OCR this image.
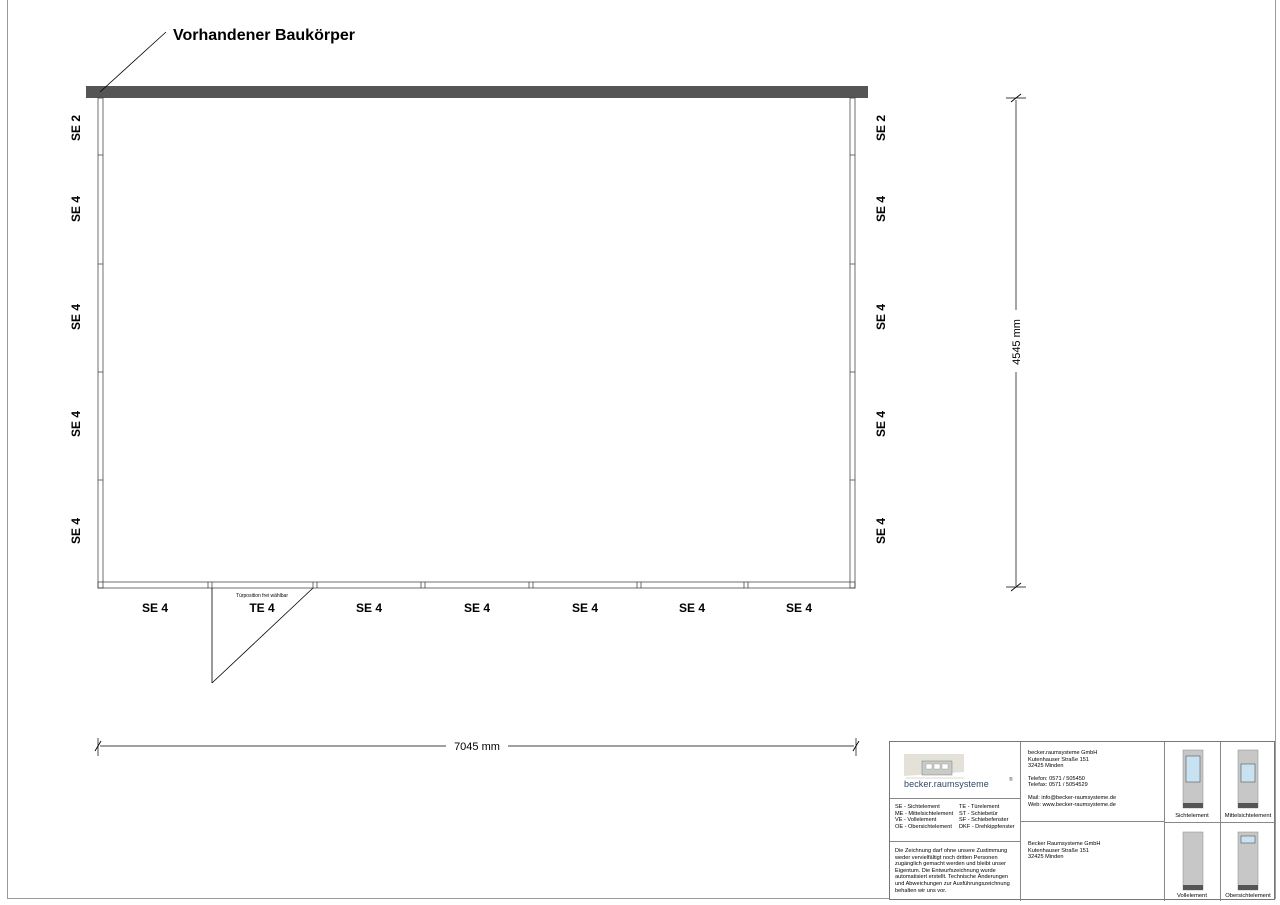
Vorhandener Baukörper
Türposition frei wählbar
SE 2
SE 4
SE 4
SE 4
SE 4
SE 2
SE 4
SE 4
SE 4
SE 4
SE 4	TE 4	SE 4	SE 4	SE 4	SE 4	SE 4
7045 mm
4545 mm
becker.raumsysteme	®
SE - Sichtelement
ME - Mittelsichtelement
VE - Vollelement
OE - Obersichtelement
TE - Türelement
ST - Schiebetür
SF - Schiebefenster
DKF - Drehkippfenster
Die Zeichnung darf ohne unsere Zustimmung weder vervielfältigt noch dritten Personen zugänglich gemacht werden und bleibt unser Eigentum. Die Entwurfszeichnung wurde automatisiert erstellt. Technische Änderungen und Abweichungen zur Ausführungszeichnung behalten wir uns vor.
becker.raumsysteme GmbH
Kutenhauser Straße 151
32425 Minden
Telefon: 0571 / 505450
Telefax: 0571 / 5054529
Mail: info@becker-raumsysteme.de
Web: www.becker-raumsysteme.de
Becker Raumsysteme GmbH
Kutenhauser Straße 151
32425 Minden
Sichtelement	Mittelsichtelement
Vollelement	Obersichtelement
